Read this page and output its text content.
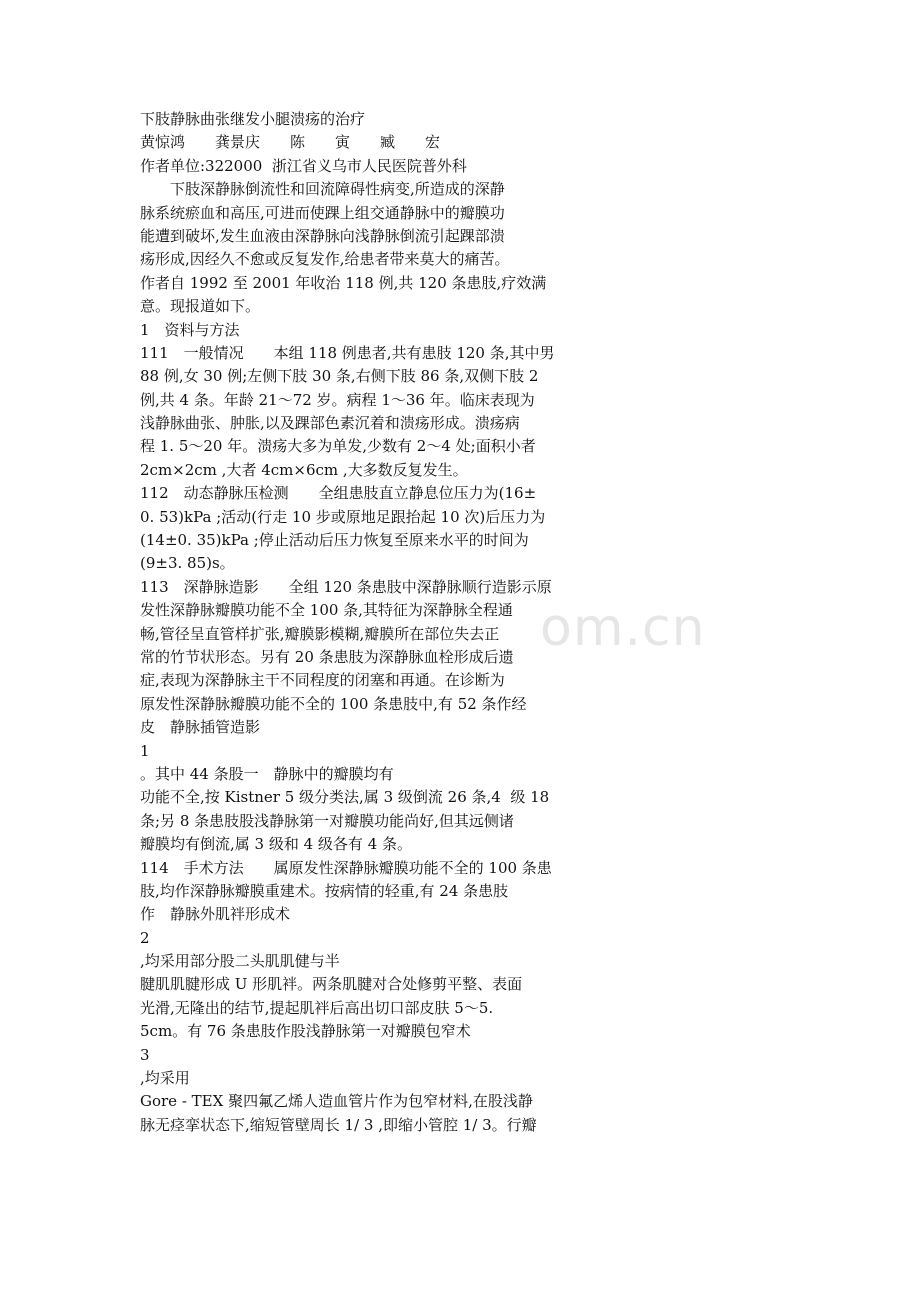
om.cn
下肢静脉曲张继发小腿溃疡的治疗
黄惊鸿　　龚景庆　　陈　　寅　　臧　　宏
作者单位:322000  浙江省义乌市人民医院普外科
　　下肢深静脉倒流性和回流障碍性病变,所造成的深静
脉系统瘀血和高压,可进而使踝上组交通静脉中的瓣膜功
能遭到破坏,发生血液由深静脉向浅静脉倒流引起踝部溃
疡形成,因经久不愈或反复发作,给患者带来莫大的痛苦。
作者自 1992 至 2001 年收治 118 例,共 120 条患肢,疗效满
意。现报道如下。
1　资料与方法
111　一般情况　　本组 118 例患者,共有患肢 120 条,其中男
88 例,女 30 例;左侧下肢 30 条,右侧下肢 86 条,双侧下肢 2
例,共 4 条。年龄 21～72 岁。病程 1～36 年。临床表现为
浅静脉曲张、肿胀,以及踝部色素沉着和溃疡形成。溃疡病
程 1. 5～20 年。溃疡大多为单发,少数有 2～4 处;面积小者
2cm×2cm ,大者 4cm×6cm ,大多数反复发生。
112　动态静脉压检测　　全组患肢直立静息位压力为(16±
0. 53)kPa ;活动(行走 10 步或原地足跟抬起 10 次)后压力为
(14±0. 35)kPa ;停止活动后压力恢复至原来水平的时间为
(9±3. 85)s。
113　深静脉造影　　全组 120 条患肢中深静脉顺行造影示原
发性深静脉瓣膜功能不全 100 条,其特征为深静脉全程通
畅,管径呈直管样扩张,瓣膜影模糊,瓣膜所在部位失去正
常的竹节状形态。另有 20 条患肢为深静脉血栓形成后遗
症,表现为深静脉主干不同程度的闭塞和再通。在诊断为
原发性深静脉瓣膜功能不全的 100 条患肢中,有 52 条作经
皮　静脉插管造影
1
。其中 44 条股一　静脉中的瓣膜均有
功能不全,按 Kistner 5 级分类法,属 3 级倒流 26 条,4  级 18
条;另 8 条患肢股浅静脉第一对瓣膜功能尚好,但其远侧诸
瓣膜均有倒流,属 3 级和 4 级各有 4 条。
114　手术方法　　属原发性深静脉瓣膜功能不全的 100 条患
肢,均作深静脉瓣膜重建术。按病情的轻重,有 24 条患肢
作　静脉外肌袢形成术
2
,均采用部分股二头肌肌健与半
腱肌肌腱形成 U 形肌袢。两条肌腱对合处修剪平整、表面
光滑,无隆出的结节,提起肌袢后高出切口部皮肤 5～5.
5cm。有 76 条患肢作股浅静脉第一对瓣膜包窄术
3
,均采用
Gore - TEX 聚四氟乙烯人造血管片作为包窄材料,在股浅静
脉无痉挛状态下,缩短管壁周长 1/ 3 ,即缩小管腔 1/ 3。行瓣
